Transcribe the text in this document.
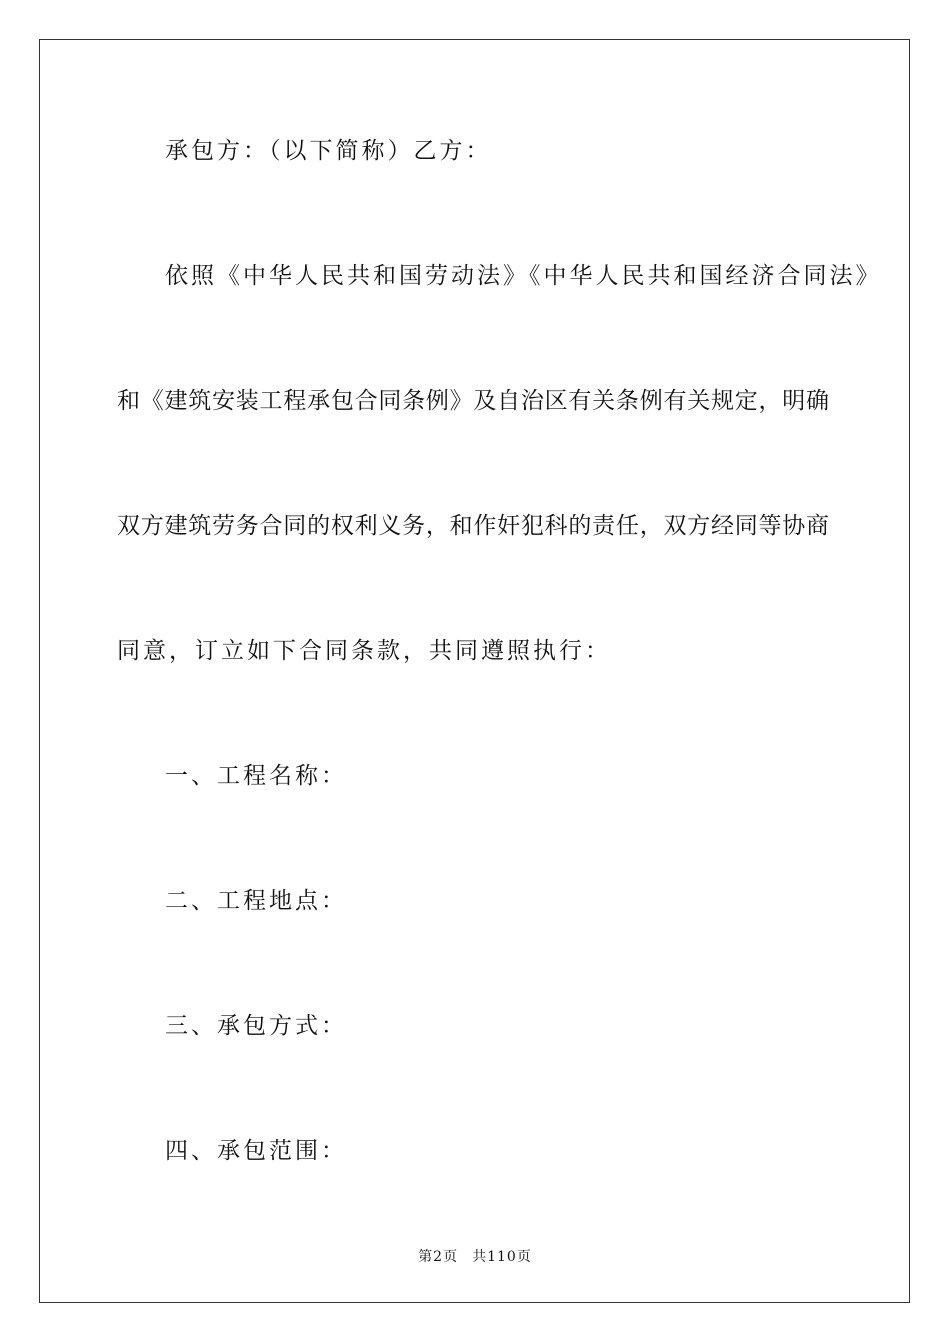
承包方：（以下简称）乙方：
依照《中华人民共和国劳动法》《中华人民共和国经济合同法》
和《建筑安装工程承包合同条例》及自治区有关条例有关规定，明确
双方建筑劳务合同的权利义务，和作奸犯科的责任，双方经同等协商
同意，订立如下合同条款，共同遵照执行：
一、工程名称：
二、工程地点：
三、承包方式：
四、承包范围：
第2页 共110页
